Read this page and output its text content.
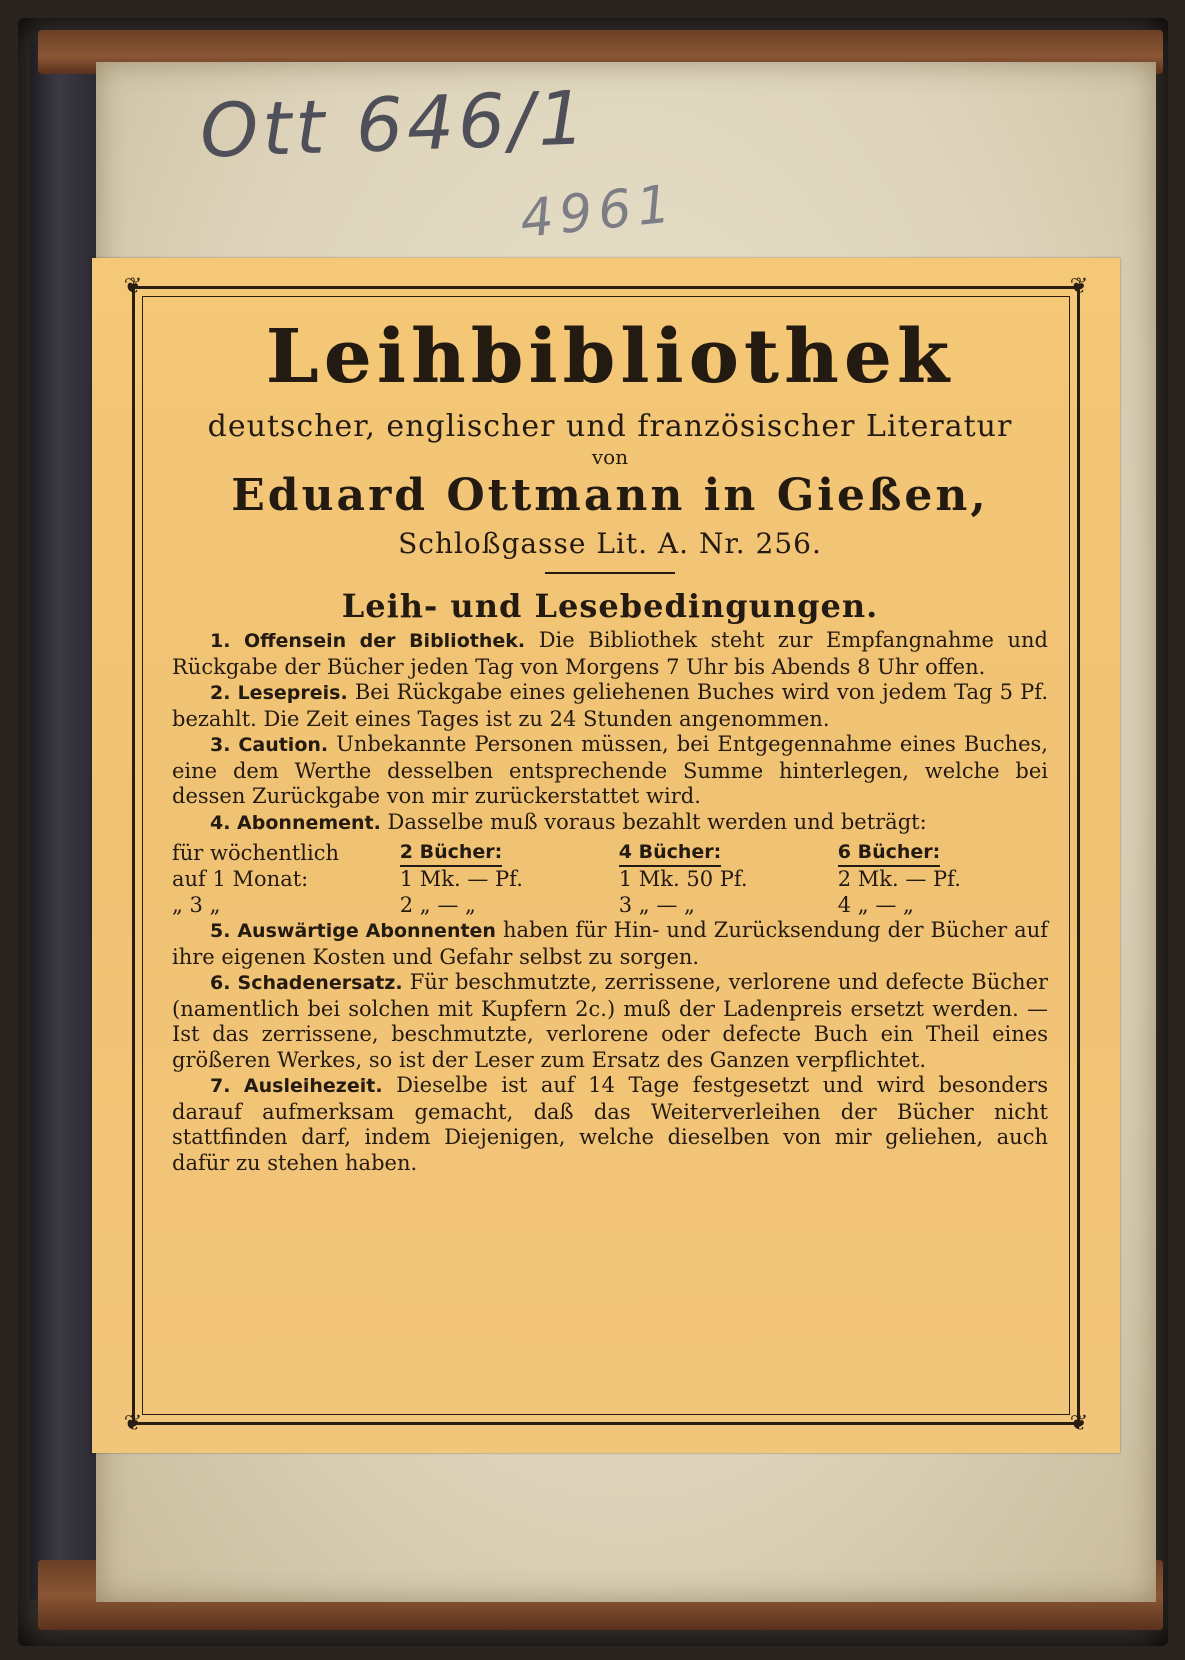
Ott 646/1
4961
❦	❦
❦	❦
Leihbibliothek
deutscher, englischer und französischer Literatur
von
Eduard Ottmann in Gießen,
Schloßgasse Lit. A. Nr. 256.
Leih- und Lesebedingungen.

1. Offensein der Bibliothek. Die Bibliothek steht zur Empfangnahme und Rückgabe der Bücher jeden Tag von Morgens 7 Uhr bis Abends 8 Uhr offen.

2. Lesepreis. Bei Rückgabe eines geliehenen Buches wird von jedem Tag 5 Pf. bezahlt. Die Zeit eines Tages ist zu 24 Stunden angenommen.

3. Caution. Unbekannte Personen müssen, bei Entgegennahme eines Buches, eine dem Werthe desselben entsprechende Summe hinterlegen, welche bei dessen Zurückgabe von mir zurückerstattet wird.

4. Abonnement. Dasselbe muß voraus bezahlt werden und beträgt:

für wöchentlich	2 Bücher:	4 Bücher:	6 Bücher:
auf 1 Monat:	1 Mk. — Pf.	1 Mk. 50 Pf.	2 Mk. — Pf.
„ 3 „	2 „ — „	3 „ — „	4 „ — „

5. Auswärtige Abonnenten haben für Hin- und Zurücksendung der Bücher auf ihre eigenen Kosten und Gefahr selbst zu sorgen.

6. Schadenersatz. Für beschmutzte, zerrissene, verlorene und defecte Bücher (namentlich bei solchen mit Kupfern 2c.) muß der Ladenpreis ersetzt werden. — Ist das zerrissene, beschmutzte, verlorene oder defecte Buch ein Theil eines größeren Werkes, so ist der Leser zum Ersatz des Ganzen verpflichtet.

7. Ausleihezeit. Dieselbe ist auf 14 Tage festgesetzt und wird besonders darauf aufmerksam gemacht, daß das Weiterverleihen der Bücher nicht stattfinden darf, indem Diejenigen, welche dieselben von mir geliehen, auch dafür zu stehen haben.
